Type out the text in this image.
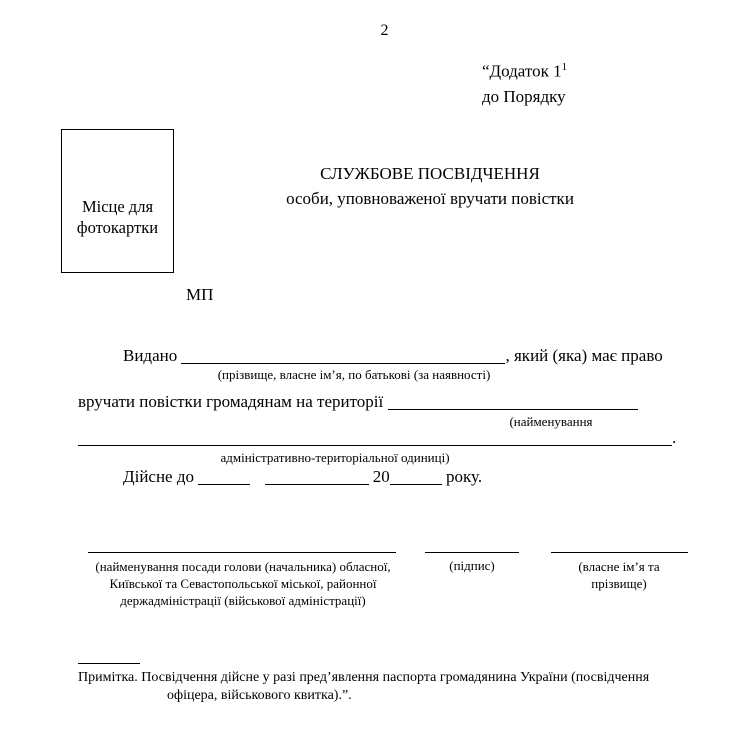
2
“Додаток $1^1$
до Порядку
Місце для фотокартки
СЛУЖБОВЕ ПОСВІДЧЕННЯ
особи, уповноваженої вручати повістки
МП
Видано	, який (яка) має право
(прізвище, власне ім’я, по батькові (за наявності)
вручати повістки громадянам на території
(найменування
.
адміністративно-територіальної одиниці)
Дійсне до	20	року.
(найменування посади голови (начальника) обласної,
Київської та Севастопольської міської, районної
держадміністрації (військової адміністрації)
(підпис)	(власне ім’я та
прізвище)
Примітка. Посвідчення дійсне у разі пред’явлення паспорта громадянина України (посвідчення офіцера, військового квитка).”.
